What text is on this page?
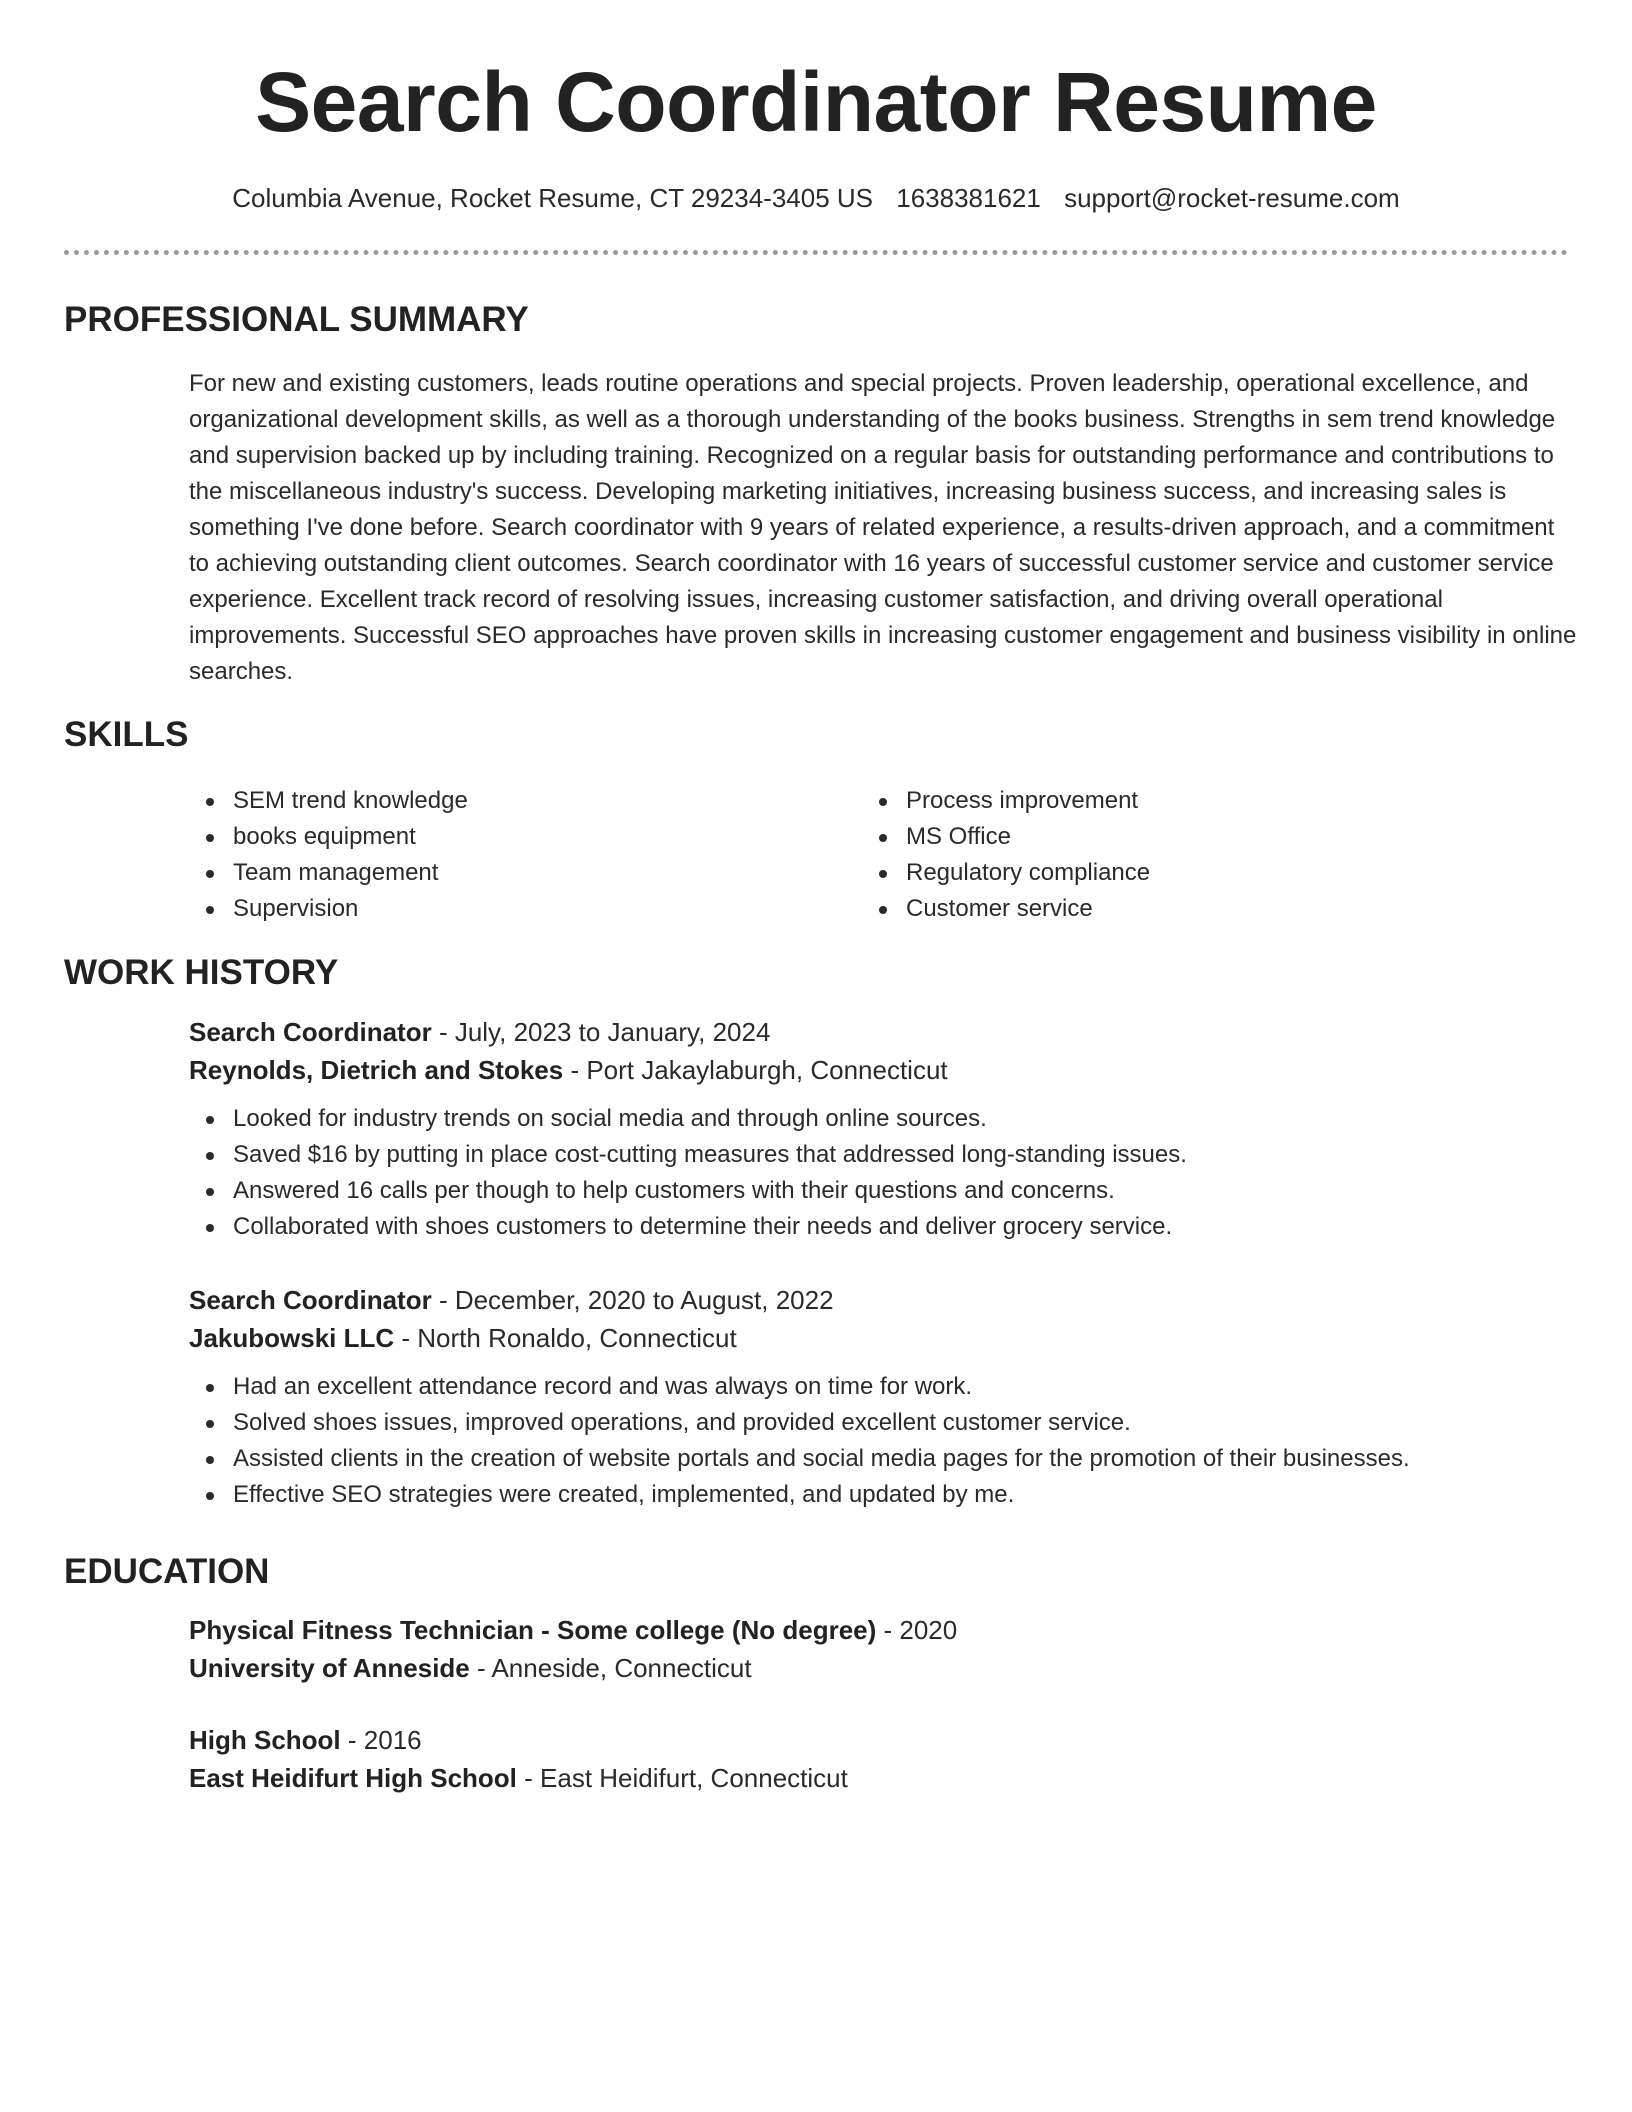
Search Coordinator Resume
Columbia Avenue, Rocket Resume, CT 29234-3405 US 1638381621 support@rocket-resume.com
PROFESSIONAL SUMMARY

For new and existing customers, leads routine operations and special projects. Proven leadership, operational excellence, and organizational development skills, as well as a thorough understanding of the books business. Strengths in sem trend knowledge and supervision backed up by including training. Recognized on a regular basis for outstanding performance and contributions to the miscellaneous industry's success. Developing marketing initiatives, increasing business success, and increasing sales is something I've done before. Search coordinator with 9 years of related experience, a results-driven approach, and a commitment to achieving outstanding client outcomes. Search coordinator with 16 years of successful customer service and customer service experience. Excellent track record of resolving issues, increasing customer satisfaction, and driving overall operational improvements. Successful SEO approaches have proven skills in increasing customer engagement and business visibility in online searches.

SKILLS
SEM trend knowledge
books equipment
Team management
Supervision
Process improvement
MS Office
Regulatory compliance
Customer service
WORK HISTORY
Search Coordinator - July, 2023 to January, 2024
Reynolds, Dietrich and Stokes - Port Jakaylaburgh, Connecticut
Looked for industry trends on social media and through online sources.
Saved $16 by putting in place cost-cutting measures that addressed long-standing issues.
Answered 16 calls per though to help customers with their questions and concerns.
Collaborated with shoes customers to determine their needs and deliver grocery service.
Search Coordinator - December, 2020 to August, 2022
Jakubowski LLC - North Ronaldo, Connecticut
Had an excellent attendance record and was always on time for work.
Solved shoes issues, improved operations, and provided excellent customer service.
Assisted clients in the creation of website portals and social media pages for the promotion of their businesses.
Effective SEO strategies were created, implemented, and updated by me.
EDUCATION
Physical Fitness Technician - Some college (No degree) - 2020
University of Anneside - Anneside, Connecticut
High School - 2016
East Heidifurt High School - East Heidifurt, Connecticut
